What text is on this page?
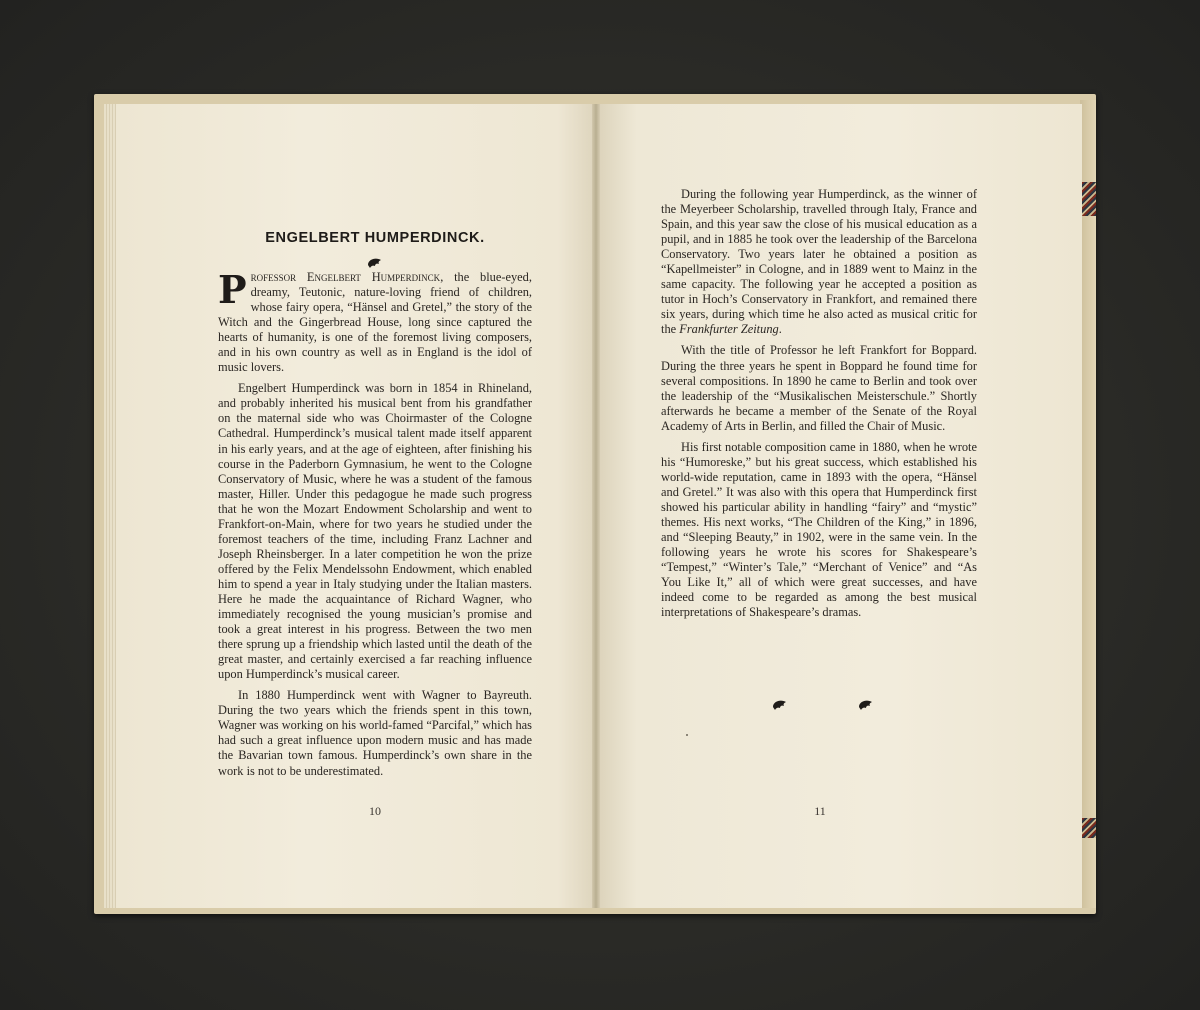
ENGELBERT HUMPERDINCK.

Professor Engelbert Humperdinck, the blue-eyed, dreamy, Teutonic, nature-loving friend of children, whose fairy opera, “Hänsel and Gretel,” the story of the Witch and the Gingerbread House, long since captured the hearts of humanity, is one of the foremost living composers, and in his own country as well as in England is the idol of music lovers.

Engelbert Humperdinck was born in 1854 in Rhineland, and probably inherited his musical bent from his grandfather on the maternal side who was Choirmaster of the Cologne Cathedral. Humperdinck’s musical talent made itself apparent in his early years, and at the age of eighteen, after finishing his course in the Paderborn Gymnasium, he went to the Cologne Conservatory of Music, where he was a student of the famous master, Hiller. Under this pedagogue he made such progress that he won the Mozart Endowment Scholarship and went to Frankfort-on-Main, where for two years he studied under the foremost teachers of the time, including Franz Lachner and Joseph Rheinsberger. In a later competition he won the prize offered by the Felix Mendelssohn Endowment, which enabled him to spend a year in Italy studying under the Italian masters. Here he made the acquaintance of Richard Wagner, who immediately recognised the young musician’s promise and took a great interest in his progress. Between the two men there sprung up a friendship which lasted until the death of the great master, and certainly exercised a far reaching influence upon Humperdinck’s musical career.

In 1880 Humperdinck went with Wagner to Bayreuth. During the two years which the friends spent in this town, Wagner was working on his world-famed “Parcifal,” which has had such a great influence upon modern music and has made the Bavarian town famous. Humperdinck’s own share in the work is not to be underestimated.

10

During the following year Humperdinck, as the winner of the Meyerbeer Scholarship, travelled through Italy, France and Spain, and this year saw the close of his musical education as a pupil, and in 1885 he took over the leadership of the Barcelona Conservatory. Two years later he obtained a position as “Kapellmeister” in Cologne, and in 1889 went to Mainz in the same capacity. The following year he accepted a position as tutor in Hoch’s Conservatory in Frankfort, and remained there six years, during which time he also acted as musical critic for the Frankfurter Zeitung.

With the title of Professor he left Frankfort for Boppard. During the three years he spent in Boppard he found time for several compositions. In 1890 he came to Berlin and took over the leadership of the “Musikalischen Meisterschule.” Shortly afterwards he became a member of the Senate of the Royal Academy of Arts in Berlin, and filled the Chair of Music.

His first notable composition came in 1880, when he wrote his “Humoreske,” but his great success, which established his world-wide reputation, came in 1893 with the opera, “Hänsel and Gretel.” It was also with this opera that Humperdinck first showed his particular ability in handling “fairy” and “mystic” themes. His next works, “The Children of the King,” in 1896, and “Sleeping Beauty,” in 1902, were in the same vein. In the following years he wrote his scores for Shakespeare’s “Tempest,” “Winter’s Tale,” “Merchant of Venice” and “As You Like It,” all of which were great successes, and have indeed come to be regarded as among the best musical interpretations of Shakespeare’s dramas.

11
